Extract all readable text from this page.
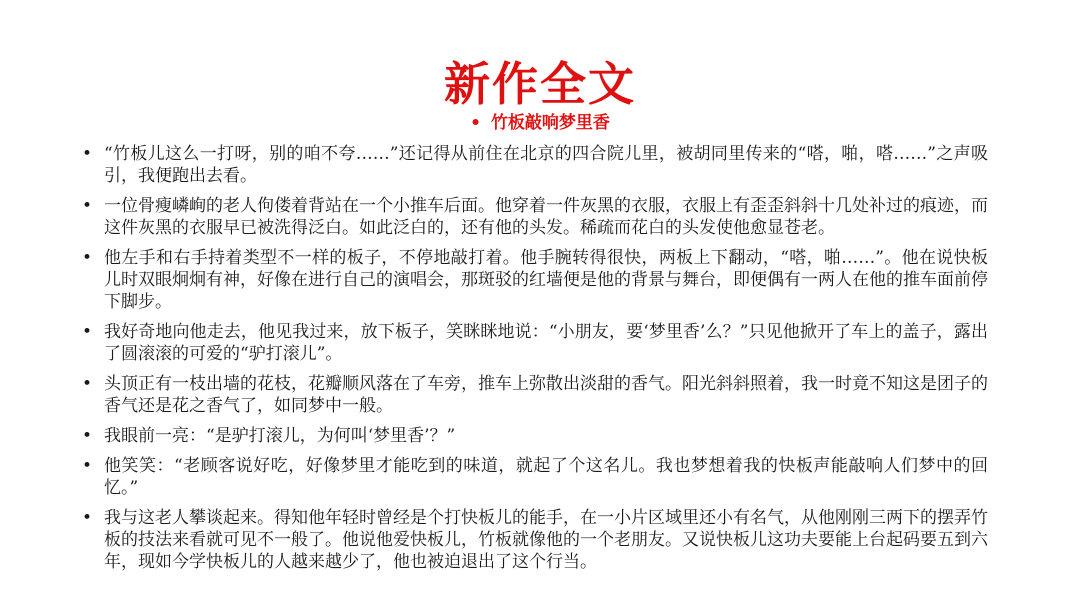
新作全文
• 竹板敲响梦里香
• “竹板儿这么一打呀，别的咱不夸……”还记得从前住在北京的四合院儿里，被胡同里传来的“嗒，啪，嗒……”之声吸引，我便跑出去看。
• 一位骨瘦嶙峋的老人佝偻着背站在一个小推车后面。他穿着一件灰黑的衣服，衣服上有歪歪斜斜十几处补过的痕迹，而这件灰黑的衣服早已被洗得泛白。如此泛白的，还有他的头发。稀疏而花白的头发使他愈显苍老。
• 他左手和右手持着类型不一样的板子，不停地敲打着。他手腕转得很快，两板上下翻动，“嗒，啪……”。他在说快板儿时双眼炯炯有神，好像在进行自己的演唱会，那斑驳的红墙便是他的背景与舞台，即便偶有一两人在他的推车面前停下脚步。
• 我好奇地向他走去，他见我过来，放下板子，笑眯眯地说：“小朋友，要‘梦里香’么？”只见他掀开了车上的盖子，露出了圆滚滚的可爱的“驴打滚儿”。
• 头顶正有一枝出墙的花枝，花瓣顺风落在了车旁，推车上弥散出淡甜的香气。阳光斜斜照着，我一时竟不知这是团子的香气还是花之香气了，如同梦中一般。
• 我眼前一亮：“是驴打滚儿，为何叫‘梦里香’？”
• 他笑笑：“老顾客说好吃，好像梦里才能吃到的味道，就起了个这名儿。我也梦想着我的快板声能敲响人们梦中的回忆。”
• 我与这老人攀谈起来。得知他年轻时曾经是个打快板儿的能手，在一小片区域里还小有名气，从他刚刚三两下的摆弄竹板的技法来看就可见不一般了。他说他爱快板儿，竹板就像他的一个老朋友。又说快板儿这功夫要能上台起码要五到六年，现如今学快板儿的人越来越少了，他也被迫退出了这个行当。
